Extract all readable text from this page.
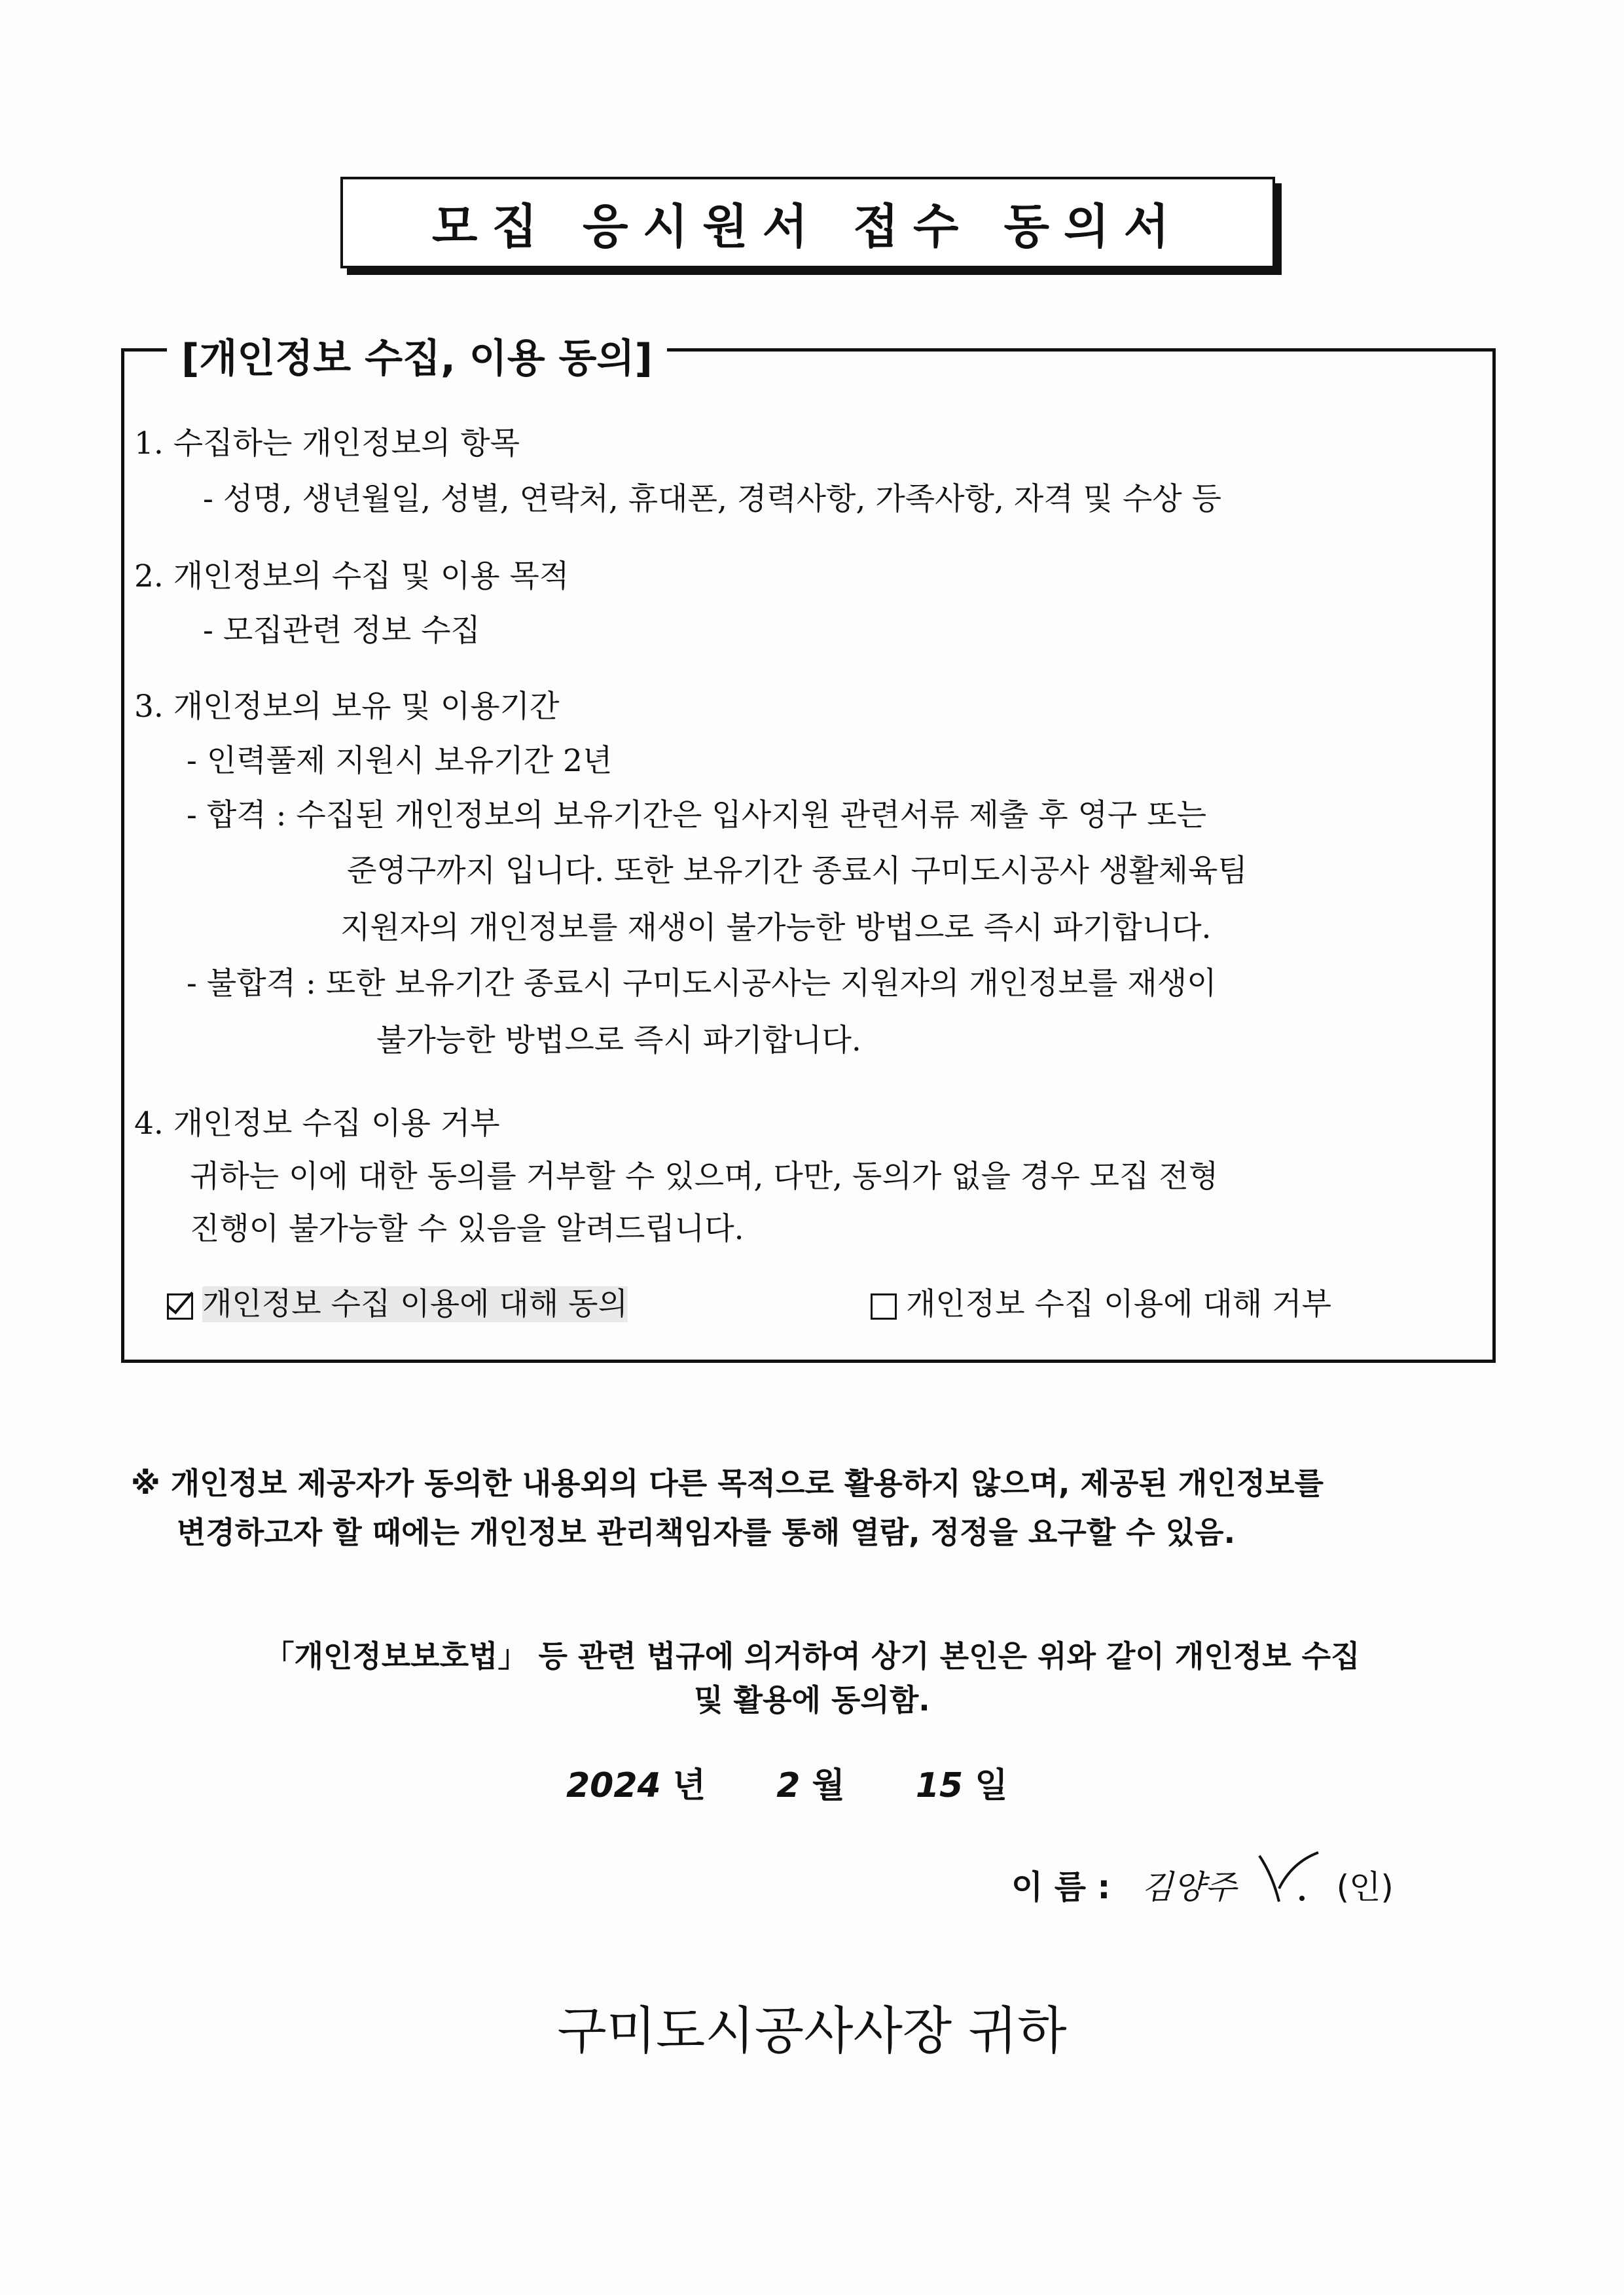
모집 응시원서 접수 동의서
[개인정보 수집, 이용 동의]
1. 수집하는 개인정보의 항목
- 성명, 생년월일, 성별, 연락처, 휴대폰, 경력사항, 가족사항, 자격 및 수상 등
2. 개인정보의 수집 및 이용 목적
- 모집관련 정보 수집
3. 개인정보의 보유 및 이용기간
- 인력풀제 지원시 보유기간 2년
- 합격 : 수집된 개인정보의 보유기간은 입사지원 관련서류 제출 후 영구 또는
준영구까지 입니다. 또한 보유기간 종료시 구미도시공사 생활체육팀
지원자의 개인정보를 재생이 불가능한 방법으로 즉시 파기합니다.
- 불합격 : 또한 보유기간 종료시 구미도시공사는 지원자의 개인정보를 재생이
불가능한 방법으로 즉시 파기합니다.
4. 개인정보 수집 이용 거부
귀하는 이에 대한 동의를 거부할 수 있으며, 다만, 동의가 없을 경우 모집 전형
진행이 불가능할 수 있음을 알려드립니다.
개인정보 수집 이용에 대해 동의	개인정보 수집 이용에 대해 거부
※ 개인정보 제공자가 동의한 내용외의 다른 목적으로 활용하지 않으며, 제공된 개인정보를
변경하고자 할 때에는 개인정보 관리책임자를 통해 열람, 정정을 요구할 수 있음.
「개인정보보호법」 등 관련 법규에 의거하여 상기 본인은 위와 같이 개인정보 수집
및 활용에 동의함.
2024 년 2 월 15 일
이 름 : 김양주	(인)
구미도시공사사장 귀하
